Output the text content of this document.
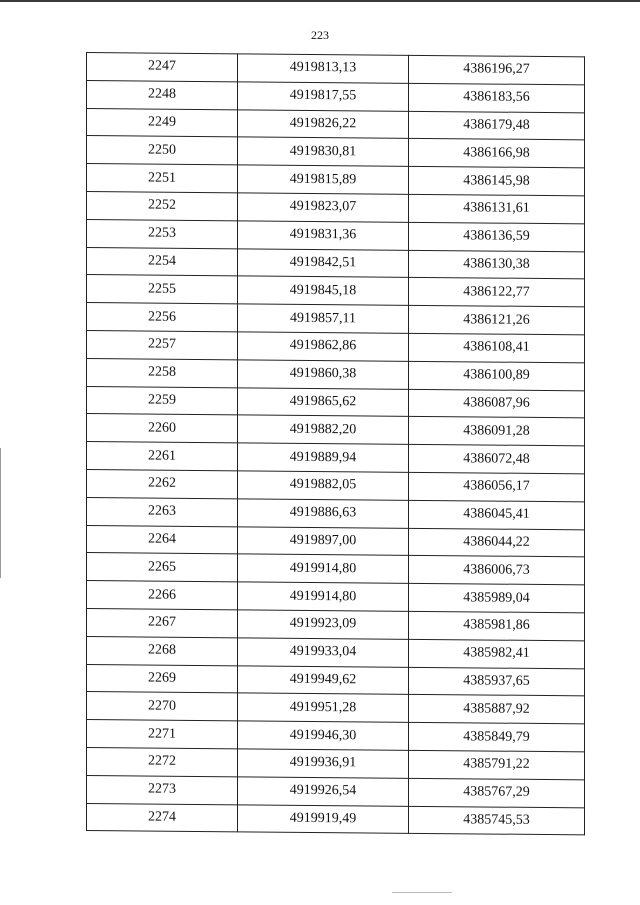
223
2247	4919813,13	4386196,27
2248	4919817,55	4386183,56
2249	4919826,22	4386179,48
2250	4919830,81	4386166,98
2251	4919815,89	4386145,98
2252	4919823,07	4386131,61
2253	4919831,36	4386136,59
2254	4919842,51	4386130,38
2255	4919845,18	4386122,77
2256	4919857,11	4386121,26
2257	4919862,86	4386108,41
2258	4919860,38	4386100,89
2259	4919865,62	4386087,96
2260	4919882,20	4386091,28
2261	4919889,94	4386072,48
2262	4919882,05	4386056,17
2263	4919886,63	4386045,41
2264	4919897,00	4386044,22
2265	4919914,80	4386006,73
2266	4919914,80	4385989,04
2267	4919923,09	4385981,86
2268	4919933,04	4385982,41
2269	4919949,62	4385937,65
2270	4919951,28	4385887,92
2271	4919946,30	4385849,79
2272	4919936,91	4385791,22
2273	4919926,54	4385767,29
2274	4919919,49	4385745,53
